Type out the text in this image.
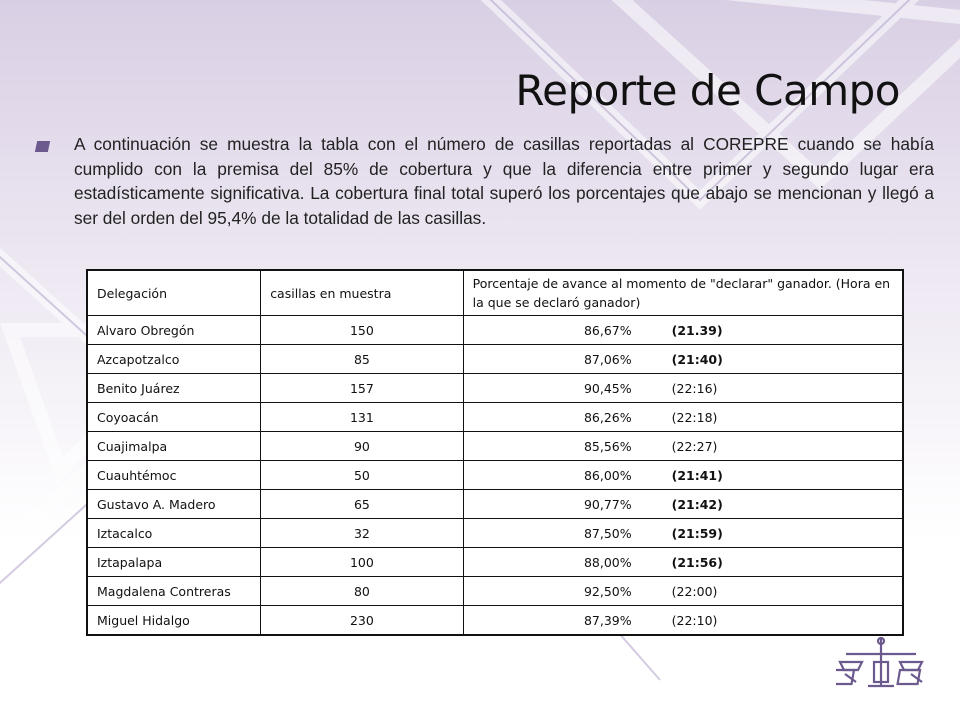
Reporte de Campo
A continuación se muestra la tabla con el número de casillas reportadas al COREPRE cuando se había cumplido con la premisa del 85% de cobertura y que la diferencia entre primer y segundo lugar era estadísticamente significativa. La cobertura final total superó los porcentajes que abajo se mencionan y llegó a ser del orden del 95,4% de la totalidad de las casillas.
Delegación	casillas en muestra	Porcentaje de avance al momento de "declarar" ganador. (Hora en la que se declaró ganador)
Alvaro Obregón	150	86,67% (21.39)
Azcapotzalco	85	87,06% (21:40)
Benito Juárez	157	90,45% (22:16)
Coyoacán	131	86,26% (22:18)
Cuajimalpa	90	85,56% (22:27)
Cuauhtémoc	50	86,00% (21:41)
Gustavo A. Madero	65	90,77% (21:42)
Iztacalco	32	87,50% (21:59)
Iztapalapa	100	88,00% (21:56)
Magdalena Contreras	80	92,50% (22:00)
Miguel Hidalgo	230	87,39% (22:10)
